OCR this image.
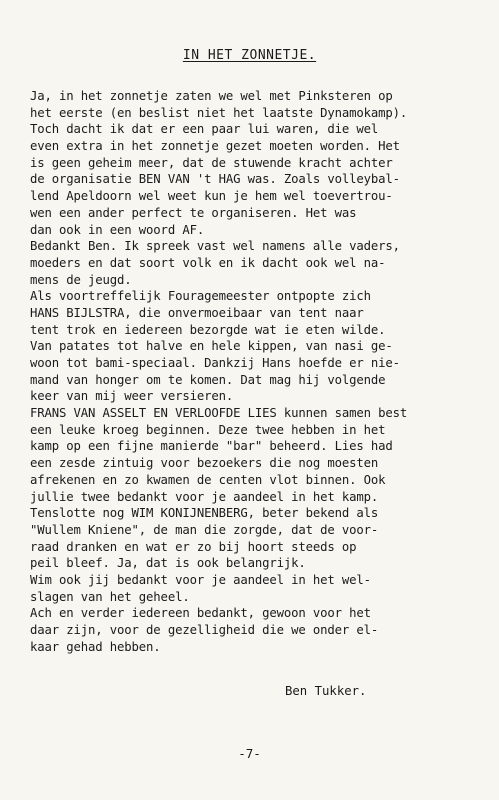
IN HET ZONNETJE.
Ja, in het zonnetje zaten we wel met Pinksteren op
het eerste (en beslist niet het laatste Dynamokamp).
Toch dacht ik dat er een paar lui waren, die wel
even extra in het zonnetje gezet moeten worden. Het
is geen geheim meer, dat de stuwende kracht achter
de organisatie BEN VAN 't HAG was. Zoals volleybal-
lend Apeldoorn wel weet kun je hem wel toevertrou-
wen een ander perfect te organiseren. Het was
dan ook in een woord AF.
Bedankt Ben. Ik spreek vast wel namens alle vaders,
moeders en dat soort volk en ik dacht ook wel na-
mens de jeugd.
Als voortreffelijk Fouragemeester ontpopte zich
HANS BIJLSTRA, die onvermoeibaar van tent naar
tent trok en iedereen bezorgde wat ie eten wilde.
Van patates tot halve en hele kippen, van nasi ge-
woon tot bami-speciaal. Dankzij Hans hoefde er nie-
mand van honger om te komen. Dat mag hij volgende
keer van mij weer versieren.
FRANS VAN ASSELT EN VERLOOFDE LIES kunnen samen best
een leuke kroeg beginnen. Deze twee hebben in het
kamp op een fijne manierde "bar" beheerd. Lies had
een zesde zintuig voor bezoekers die nog moesten
afrekenen en zo kwamen de centen vlot binnen. Ook
jullie twee bedankt voor je aandeel in het kamp.
Tenslotte nog WIM KONIJNENBERG, beter bekend als
"Wullem Kniene", de man die zorgde, dat de voor-
raad dranken en wat er zo bij hoort steeds op
peil bleef. Ja, dat is ook belangrijk.
Wim ook jij bedankt voor je aandeel in het wel-
slagen van het geheel.
Ach en verder iedereen bedankt, gewoon voor het
daar zijn, voor de gezelligheid die we onder el-
kaar gehad hebben.
Ben Tukker.
-7-
